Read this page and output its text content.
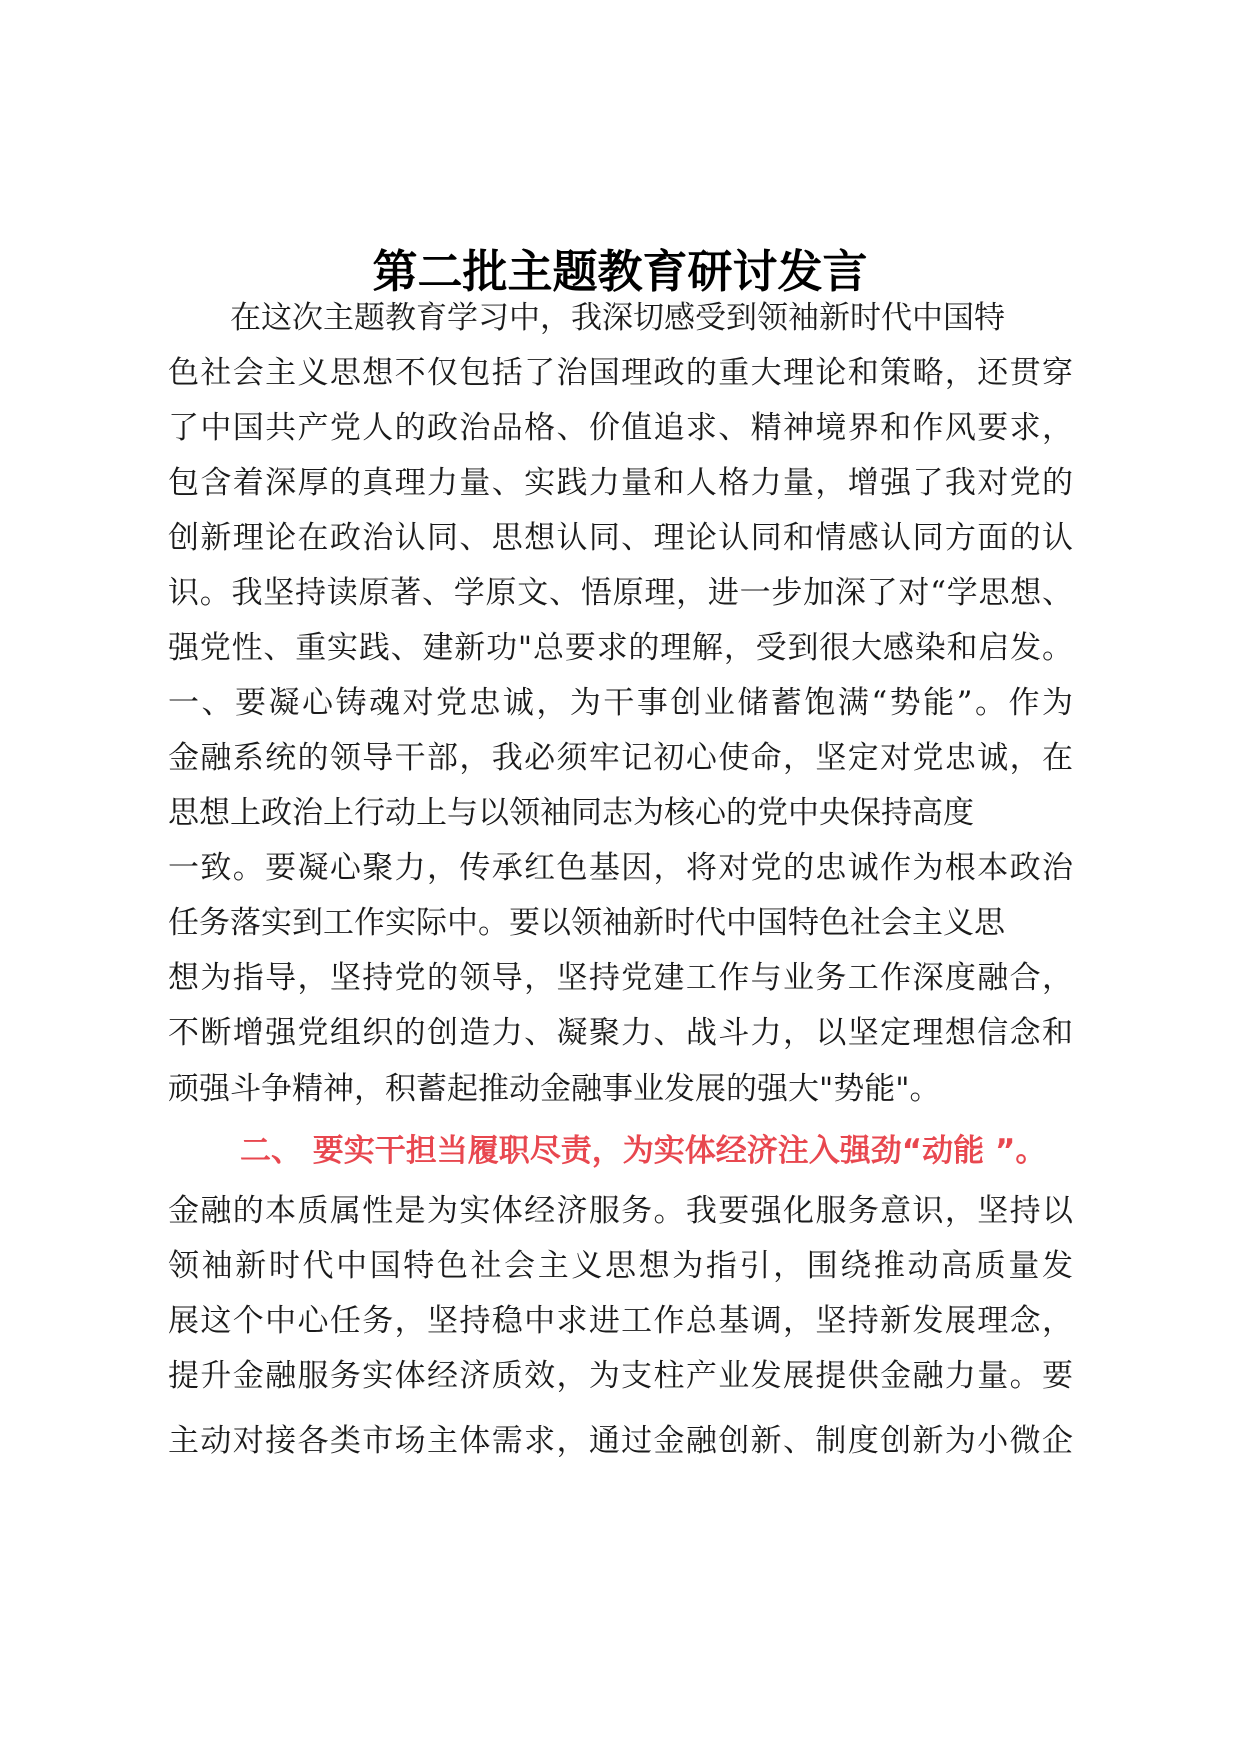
第二批主题教育研讨发言
在这次主题教育学习中，我深切感受到领袖新时代中国特
色社会主义思想不仅包括了治国理政的重大理论和策略，还贯穿
了中国共产党人的政治品格、价值追求、精神境界和作风要求，
包含着深厚的真理力量、实践力量和人格力量，增强了我对党的
创新理论在政治认同、思想认同、理论认同和情感认同方面的认
识。我坚持读原著、学原文、悟原理，进一步加深了对“学思想、
强党性、重实践、建新功"总要求的理解，受到很大感染和启发。
一、要凝心铸魂对党忠诚，为干事创业储蓄饱满“势能”。作为
金融系统的领导干部，我必须牢记初心使命，坚定对党忠诚，在
思想上政治上行动上与以领袖同志为核心的党中央保持高度
一致。要凝心聚力，传承红色基因，将对党的忠诚作为根本政治
任务落实到工作实际中。要以领袖新时代中国特色社会主义思
想为指导，坚持党的领导，坚持党建工作与业务工作深度融合，
不断增强党组织的创造力、凝聚力、战斗力，以坚定理想信念和
顽强斗争精神，积蓄起推动金融事业发展的强大"势能"。
二、 要实干担当履职尽责，为实体经济注入强劲“动能 ”。
金融的本质属性是为实体经济服务。我要强化服务意识，坚持以
领袖新时代中国特色社会主义思想为指引，围绕推动高质量发
展这个中心任务，坚持稳中求进工作总基调，坚持新发展理念，
提升金融服务实体经济质效，为支柱产业发展提供金融力量。要
主动对接各类市场主体需求，通过金融创新、制度创新为小微企
